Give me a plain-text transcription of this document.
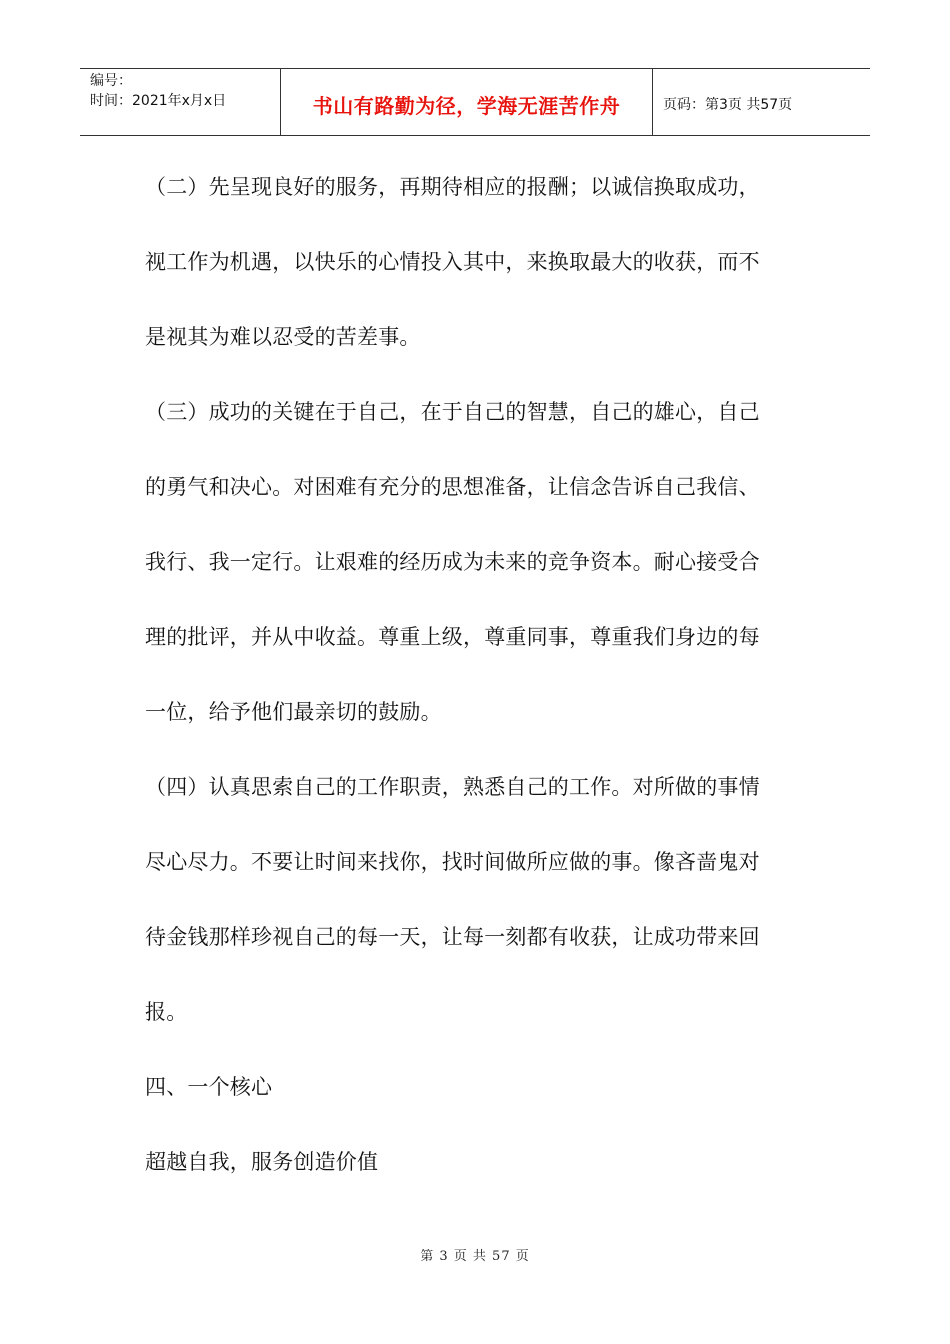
编号：
时间：2021年x月x日	书山有路勤为径，学海无涯苦作舟	页码：第3页 共57页
（二）先呈现良好的服务，再期待相应的报酬；以诚信换取成功，
视工作为机遇，以快乐的心情投入其中，来换取最大的收获，而不
是视其为难以忍受的苦差事。
（三）成功的关键在于自己，在于自己的智慧，自己的雄心，自己
的勇气和决心。对困难有充分的思想准备，让信念告诉自己我信、
我行、我一定行。让艰难的经历成为未来的竞争资本。耐心接受合
理的批评，并从中收益。尊重上级，尊重同事，尊重我们身边的每
一位，给予他们最亲切的鼓励。
（四）认真思索自己的工作职责，熟悉自己的工作。对所做的事情
尽心尽力。不要让时间来找你，找时间做所应做的事。像吝啬鬼对
待金钱那样珍视自己的每一天，让每一刻都有收获，让成功带来回
报。
四、一个核心
超越自我，服务创造价值
第 3 页 共 57 页
